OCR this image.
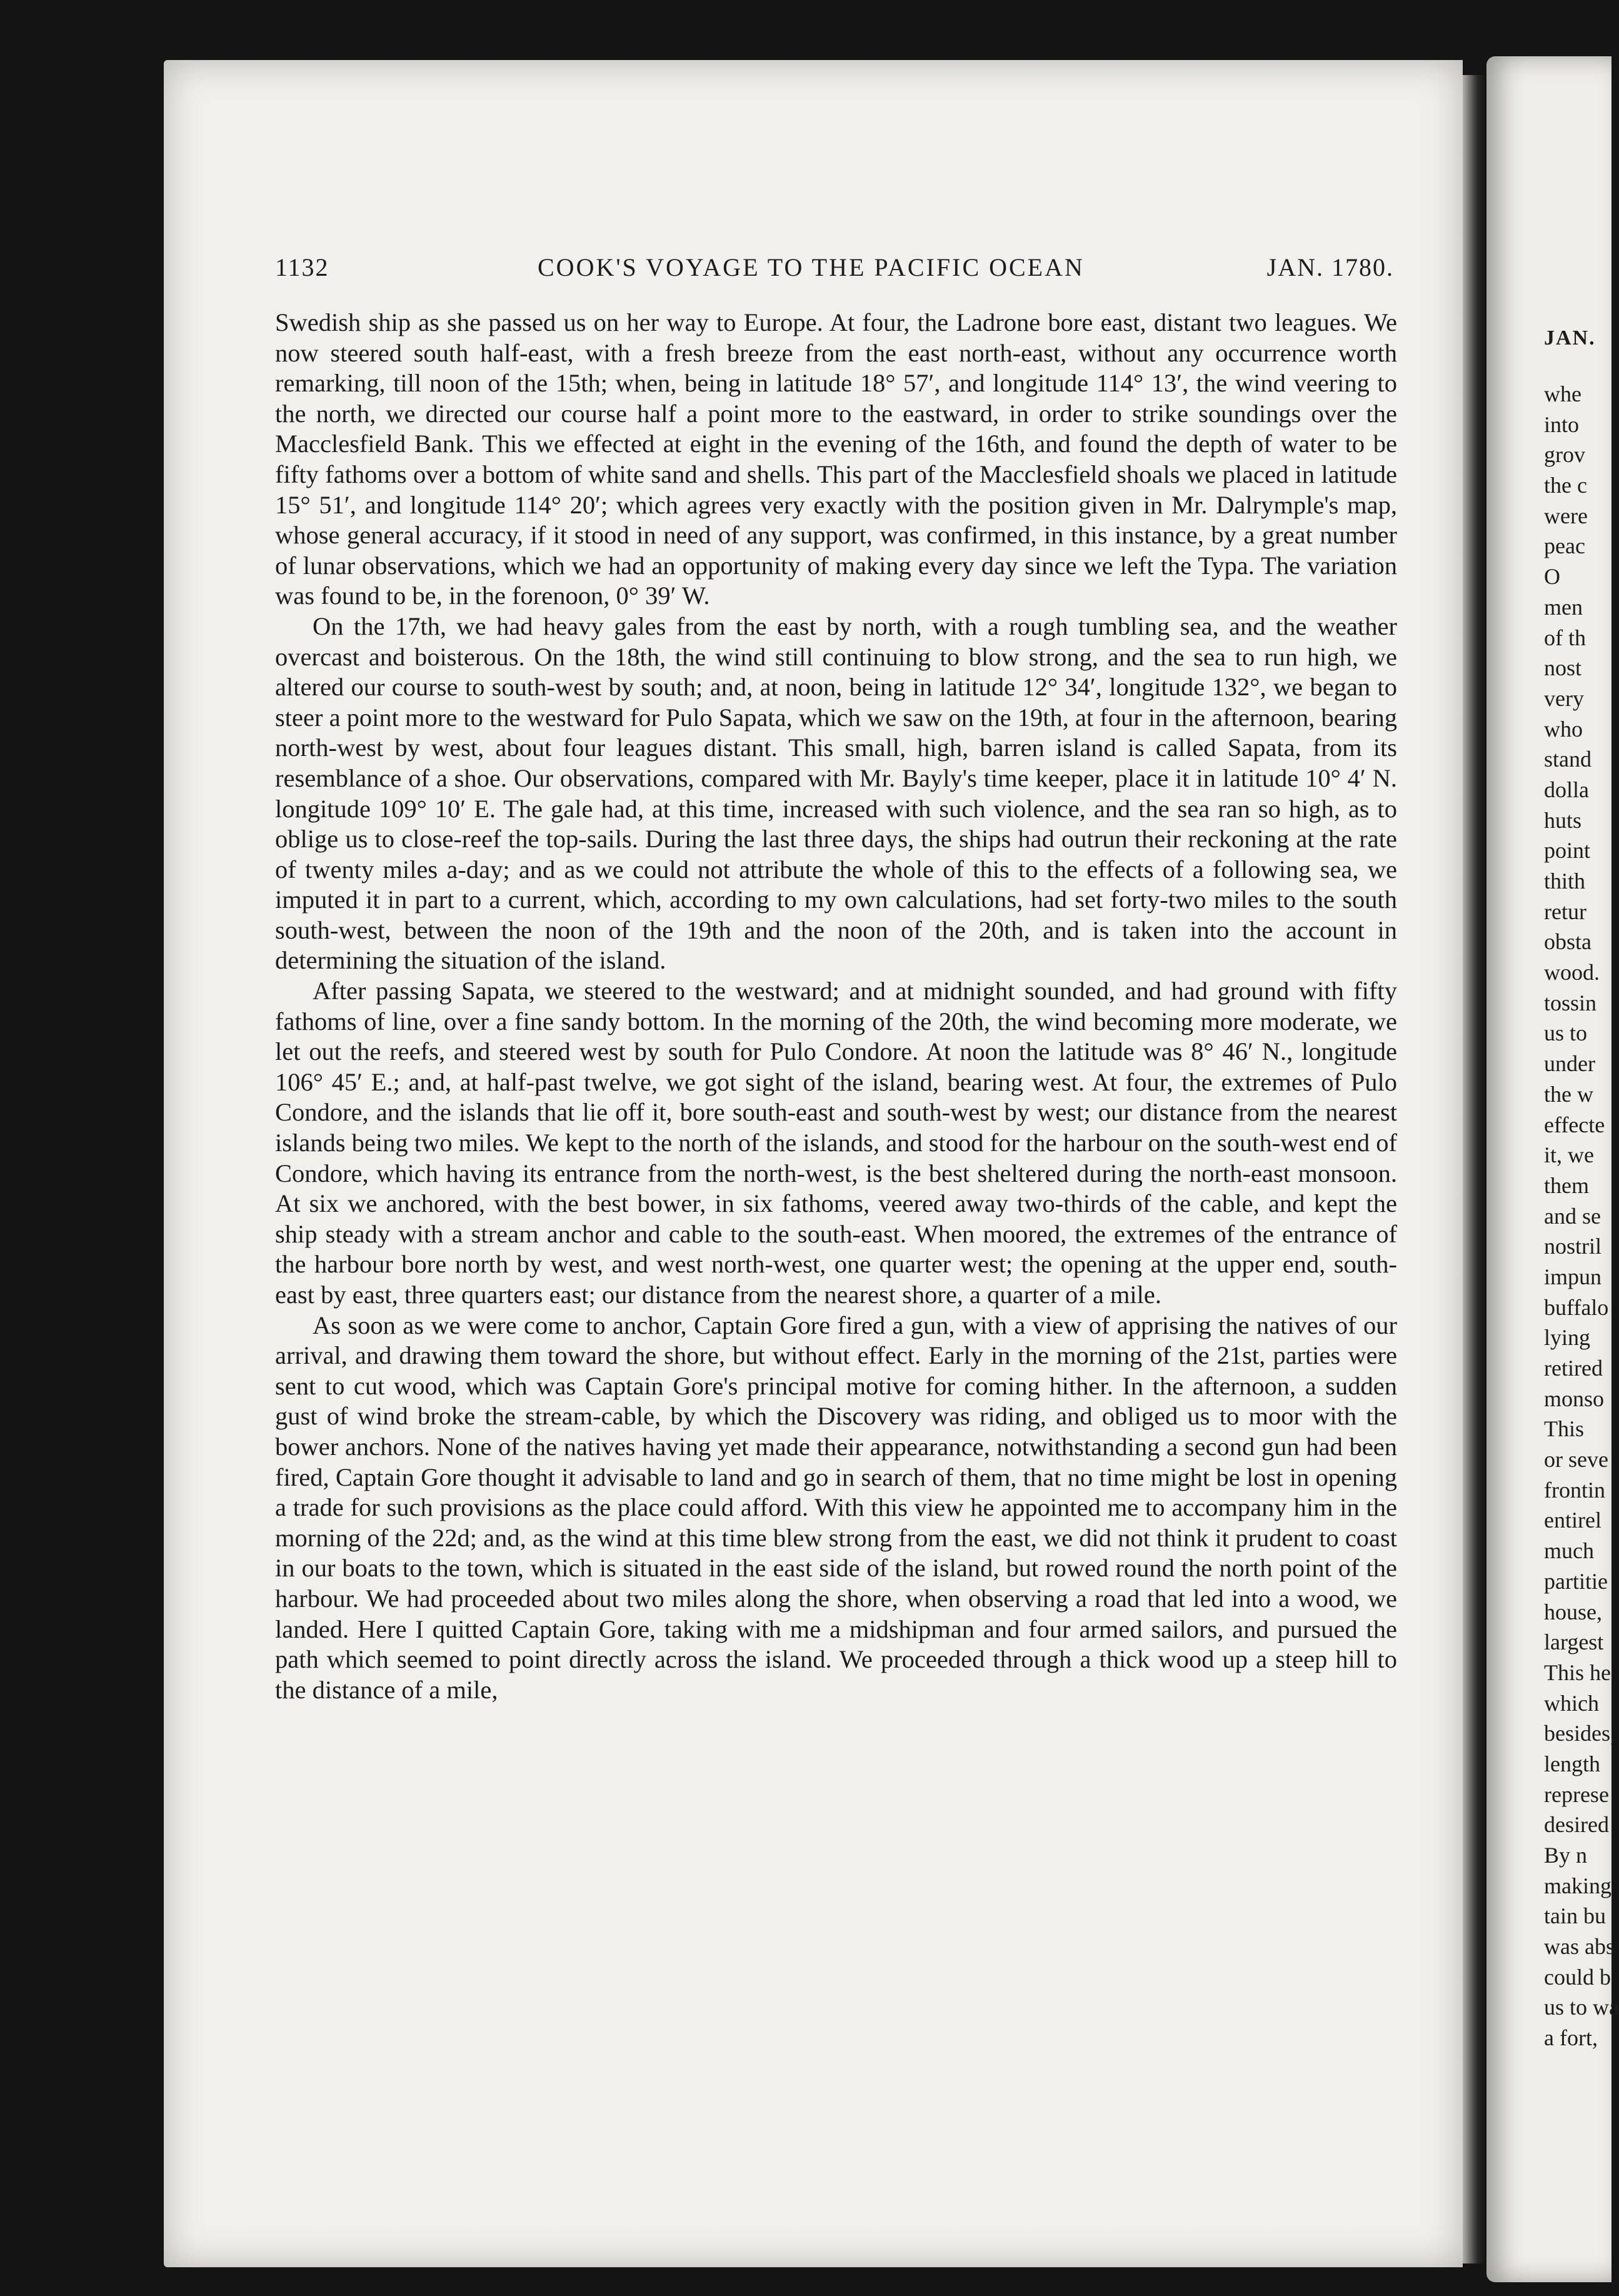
1132	COOK'S VOYAGE TO THE PACIFIC OCEAN	JAN. 1780.

Swedish ship as she passed us on her way to Europe. At four, the Ladrone bore east, distant two leagues. We now steered south half-east, with a fresh breeze from the east north-east, without any occurrence worth remarking, till noon of the 15th; when, being in latitude 18° 57′, and longitude 114° 13′, the wind veering to the north, we directed our course half a point more to the eastward, in order to strike soundings over the Macclesfield Bank. This we effected at eight in the evening of the 16th, and found the depth of water to be fifty fathoms over a bottom of white sand and shells. This part of the Macclesfield shoals we placed in latitude 15° 51′, and longitude 114° 20′; which agrees very exactly with the position given in Mr. Dalrymple's map, whose general accuracy, if it stood in need of any support, was confirmed, in this instance, by a great number of lunar observations, which we had an opportunity of making every day since we left the Typa. The variation was found to be, in the forenoon, 0° 39′ W.

On the 17th, we had heavy gales from the east by north, with a rough tumbling sea, and the weather overcast and boisterous. On the 18th, the wind still continuing to blow strong, and the sea to run high, we altered our course to south-west by south; and, at noon, being in latitude 12° 34′, longitude 132°, we began to steer a point more to the westward for Pulo Sapata, which we saw on the 19th, at four in the afternoon, bearing north-west by west, about four leagues distant. This small, high, barren island is called Sapata, from its resemblance of a shoe. Our observations, compared with Mr. Bayly's time keeper, place it in latitude 10° 4′ N. longitude 109° 10′ E. The gale had, at this time, increased with such violence, and the sea ran so high, as to oblige us to close-reef the top-sails. During the last three days, the ships had outrun their reckoning at the rate of twenty miles a-day; and as we could not attribute the whole of this to the effects of a following sea, we imputed it in part to a current, which, according to my own calculations, had set forty-two miles to the south south-west, between the noon of the 19th and the noon of the 20th, and is taken into the account in determining the situation of the island.

After passing Sapata, we steered to the westward; and at midnight sounded, and had ground with fifty fathoms of line, over a fine sandy bottom. In the morning of the 20th, the wind becoming more moderate, we let out the reefs, and steered west by south for Pulo Condore. At noon the latitude was 8° 46′ N., longitude 106° 45′ E.; and, at half-past twelve, we got sight of the island, bearing west. At four, the extremes of Pulo Condore, and the islands that lie off it, bore south-east and south-west by west; our distance from the nearest islands being two miles. We kept to the north of the islands, and stood for the harbour on the south-west end of Condore, which having its entrance from the north-west, is the best sheltered during the north-east monsoon. At six we anchored, with the best bower, in six fathoms, veered away two-thirds of the cable, and kept the ship steady with a stream anchor and cable to the south-east. When moored, the extremes of the entrance of the harbour bore north by west, and west north-west, one quarter west; the opening at the upper end, south-east by east, three quarters east; our distance from the nearest shore, a quarter of a mile.

As soon as we were come to anchor, Captain Gore fired a gun, with a view of apprising the natives of our arrival, and drawing them toward the shore, but without effect. Early in the morning of the 21st, parties were sent to cut wood, which was Captain Gore's principal motive for coming hither. In the afternoon, a sudden gust of wind broke the stream-cable, by which the Discovery was riding, and obliged us to moor with the bower anchors. None of the natives having yet made their appearance, notwithstanding a second gun had been fired, Captain Gore thought it advisable to land and go in search of them, that no time might be lost in opening a trade for such provisions as the place could afford. With this view he appointed me to accompany him in the morning of the 22d; and, as the wind at this time blew strong from the east, we did not think it prudent to coast in our boats to the town, which is situated in the east side of the island, but rowed round the north point of the harbour. We had proceeded about two miles along the shore, when observing a road that led into a wood, we landed. Here I quitted Captain Gore, taking with me a midshipman and four armed sailors, and pursued the path which seemed to point directly across the island. We proceeded through a thick wood up a steep hill to the distance of a mile,

JAN.
whe
into
grov
the c
were
peac
O
men
of th
nost
very
who
stand
dolla
huts
point
thith
retur
obsta
wood.
tossin
us to
under
the w
effecte
it, we
them
and se
nostril
impun
buffalo
lying
retired
monso
This
or seve
frontin
entirel
much
partitie
house,
largest
This he
which
besides,
length
represe
desired
By n
making
tain bu
was abs
could b
us to wa
a fort,
